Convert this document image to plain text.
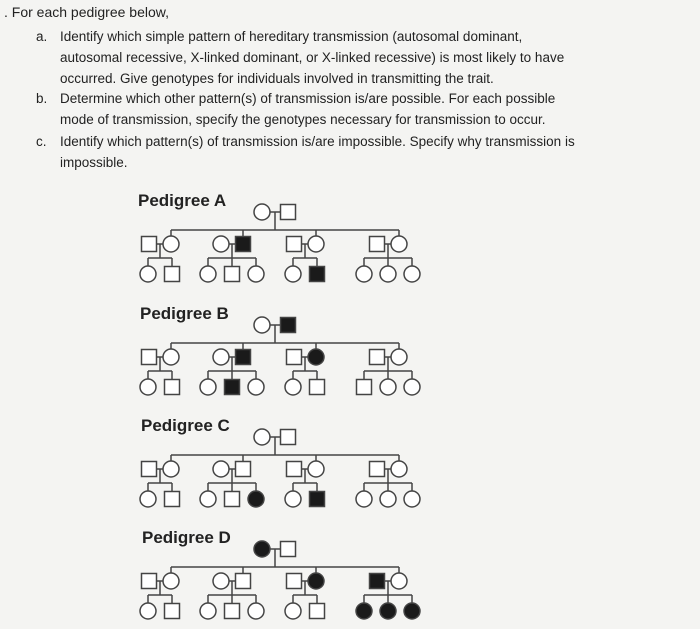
. For each pedigree below,
a. Identify which simple pattern of hereditary transmission (autosomal dominant,
autosomal recessive, X-linked dominant, or X-linked recessive) is most likely to have
occurred. Give genotypes for individuals involved in transmitting the trait.
b. Determine which other pattern(s) of transmission is/are possible. For each possible
mode of transmission, specify the genotypes necessary for transmission to occur.
c. Identify which pattern(s) of transmission is/are impossible. Specify why transmission is
impossible.
Pedigree A
Pedigree B
Pedigree C
Pedigree D
